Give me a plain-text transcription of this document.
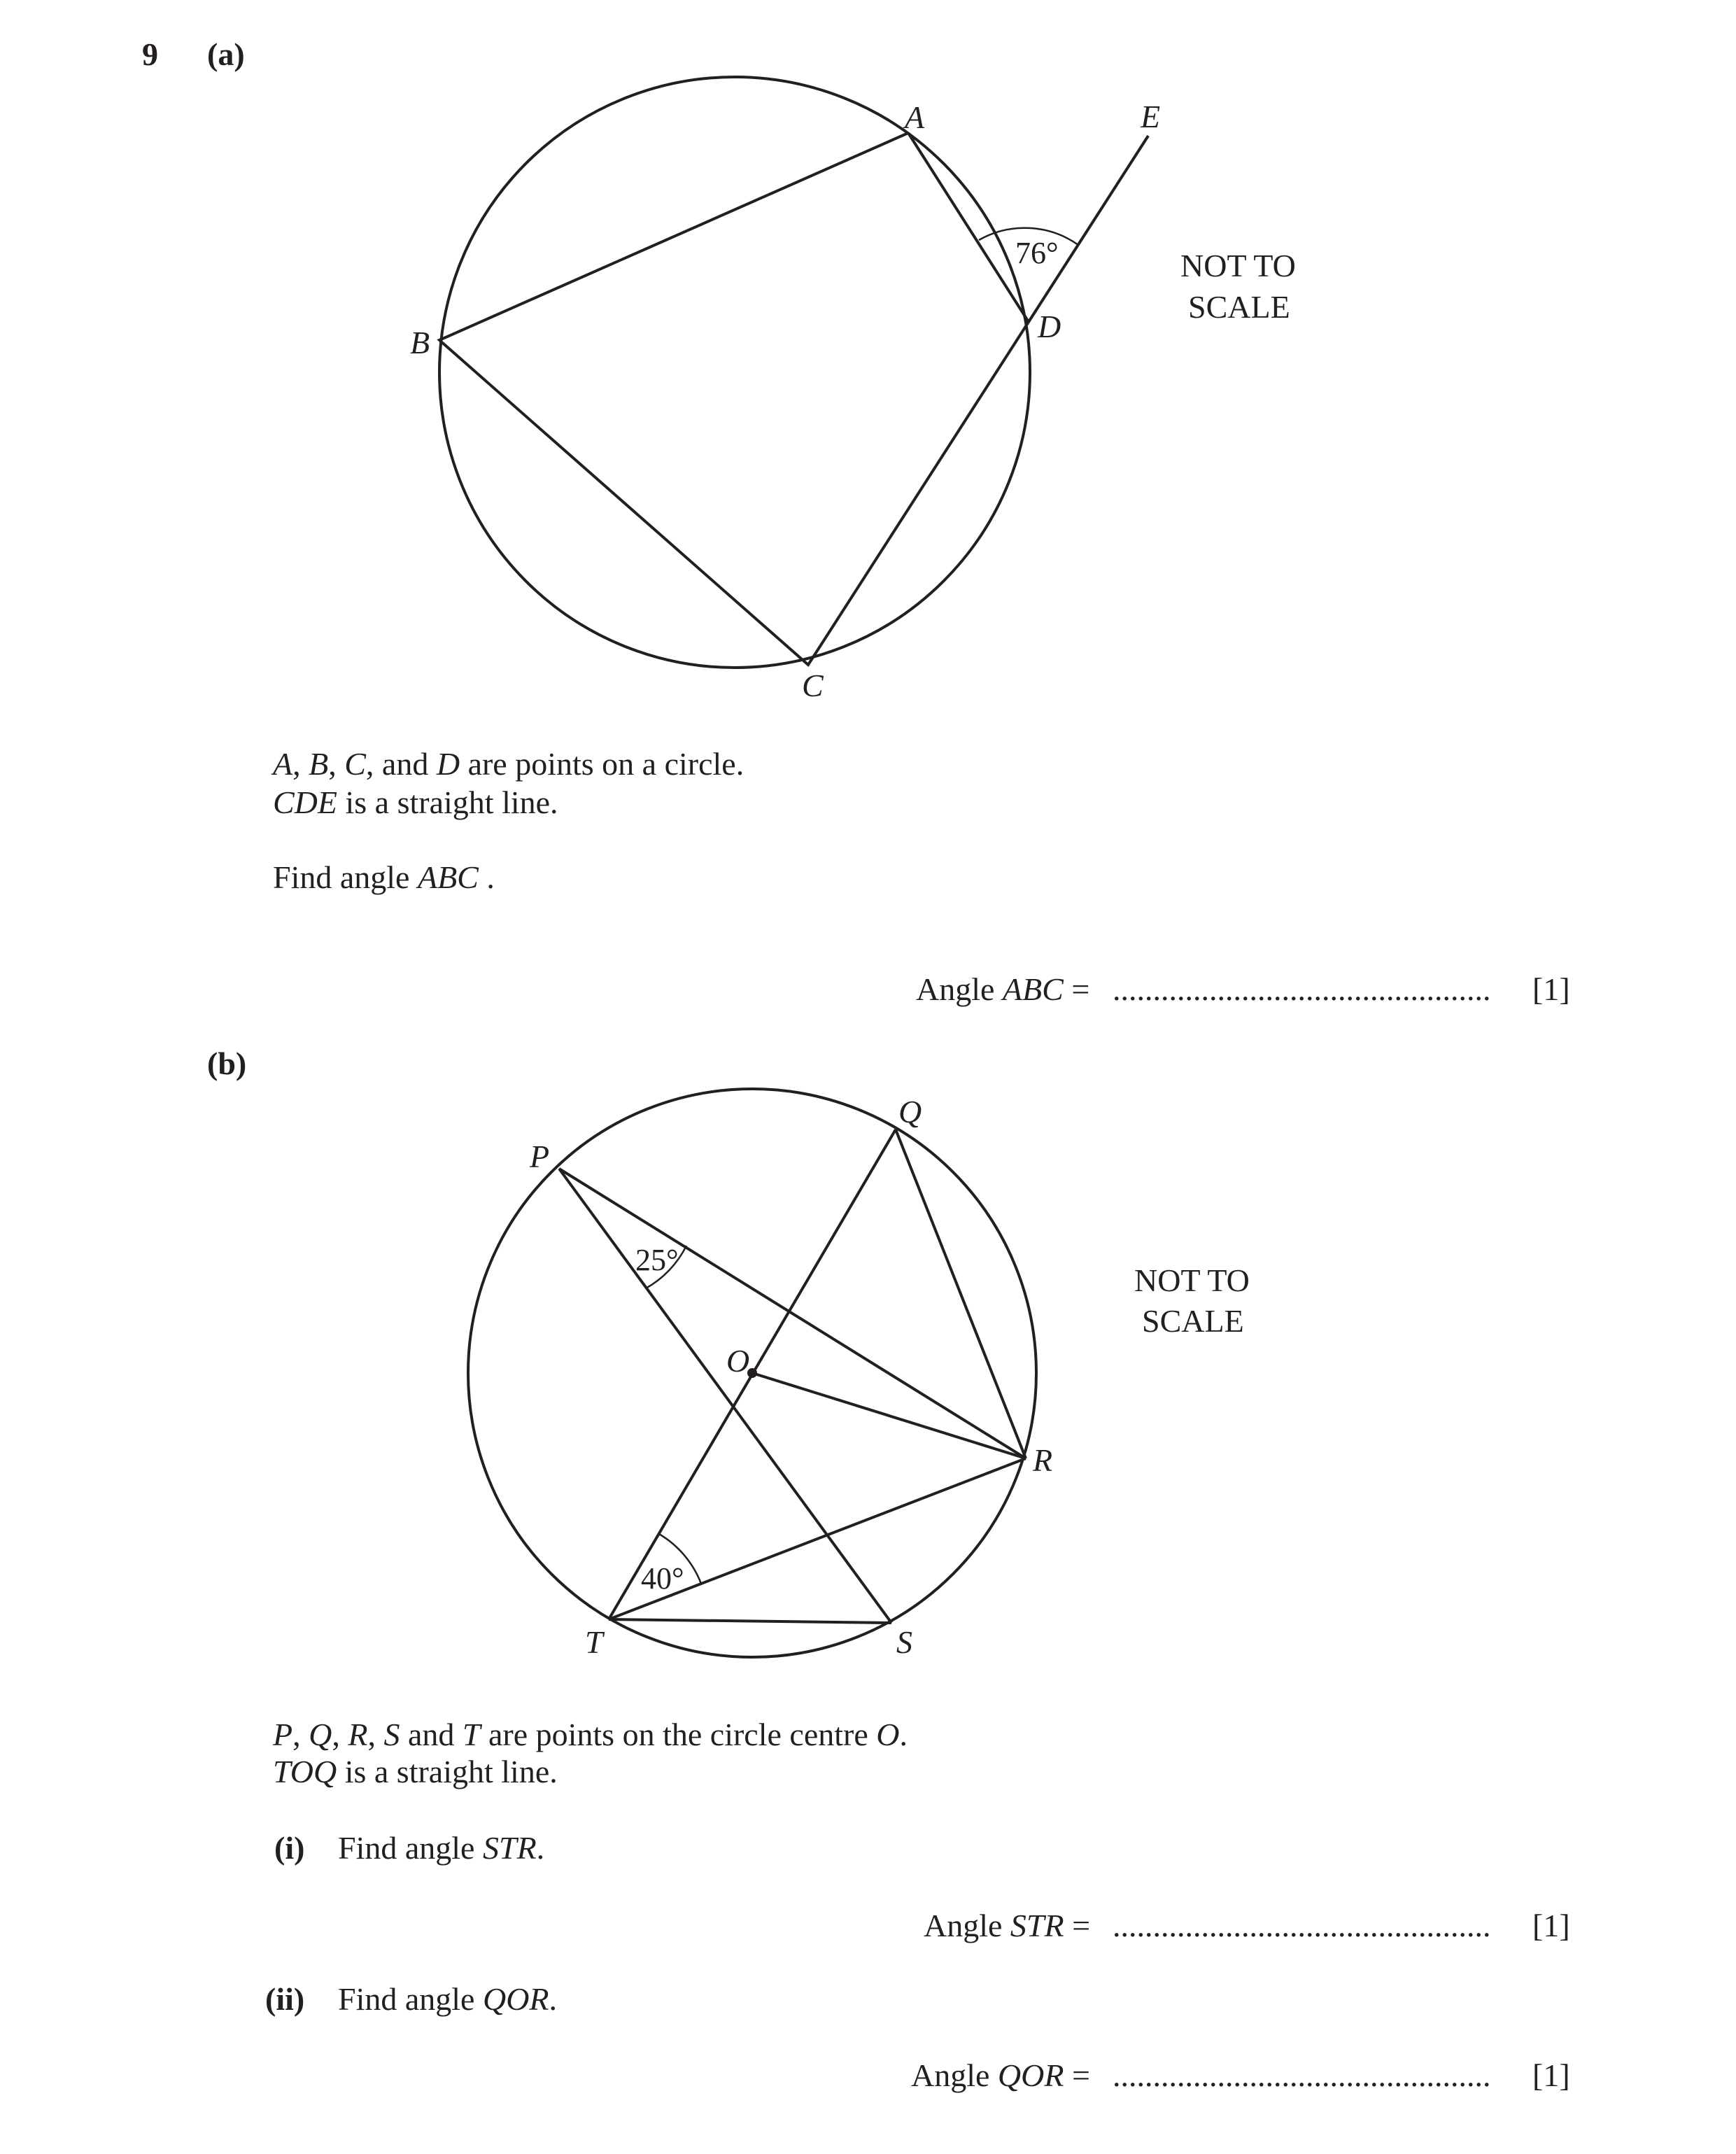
9 (a)
76°
A
B
C
D
E
NOT TO
SCALE
A, B, C, and D are points on a circle.
CDE is a straight line.
Find angle ABC .
Angle ABC = ............................................... [1]
(b)
25°
40°
P
Q
R
S
T
O
NOT TO
SCALE
P, Q, R, S and T are points on the circle centre O.
TOQ is a straight line.
(i) Find angle STR.
Angle STR = ............................................... [1]
(ii) Find angle QOR.
Angle QOR = ............................................... [1]
